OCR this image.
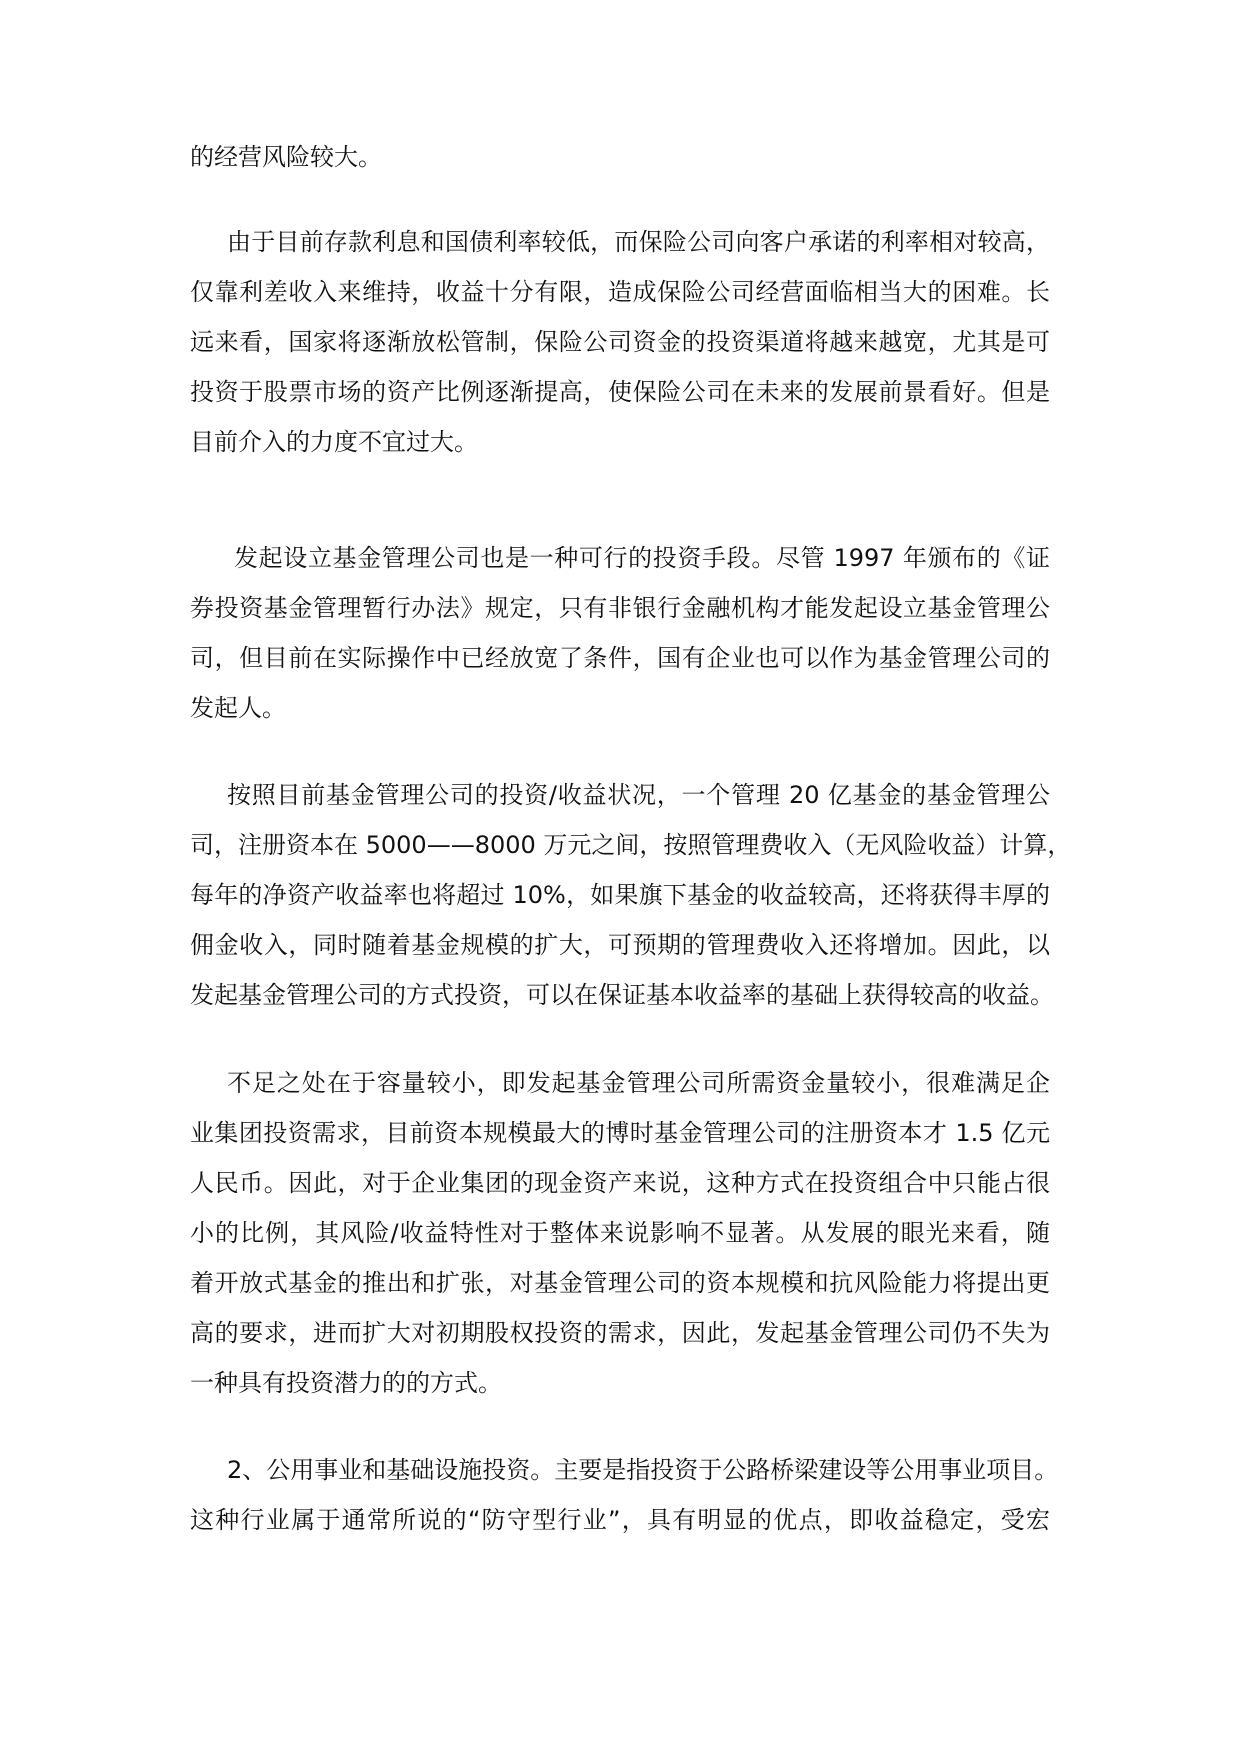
的经营风险较大。

由于目前存款利息和国债利率较低，而保险公司向客户承诺的利率相对较高，

仅靠利差收入来维持，收益十分有限，造成保险公司经营面临相当大的困难。长

远来看，国家将逐渐放松管制，保险公司资金的投资渠道将越来越宽，尤其是可

投资于股票市场的资产比例逐渐提高，使保险公司在未来的发展前景看好。但是

目前介入的力度不宜过大。

发起设立基金管理公司也是一种可行的投资手段。尽管 1997 年颁布的《证

券投资基金管理暂行办法》规定，只有非银行金融机构才能发起设立基金管理公

司，但目前在实际操作中已经放宽了条件，国有企业也可以作为基金管理公司的

发起人。

按照目前基金管理公司的投资/收益状况，一个管理 20 亿基金的基金管理公

司，注册资本在 5000——8000 万元之间，按照管理费收入（无风险收益）计算，

每年的净资产收益率也将超过 10%，如果旗下基金的收益较高，还将获得丰厚的

佣金收入，同时随着基金规模的扩大，可预期的管理费收入还将增加。因此，以

发起基金管理公司的方式投资，可以在保证基本收益率的基础上获得较高的收益。

不足之处在于容量较小，即发起基金管理公司所需资金量较小，很难满足企

业集团投资需求，目前资本规模最大的博时基金管理公司的注册资本才 1.5 亿元

人民币。因此，对于企业集团的现金资产来说，这种方式在投资组合中只能占很

小的比例，其风险/收益特性对于整体来说影响不显著。从发展的眼光来看，随

着开放式基金的推出和扩张，对基金管理公司的资本规模和抗风险能力将提出更

高的要求，进而扩大对初期股权投资的需求，因此，发起基金管理公司仍不失为

一种具有投资潜力的的方式。

2、公用事业和基础设施投资。主要是指投资于公路桥梁建设等公用事业项目。

这种行业属于通常所说的“防守型行业”，具有明显的优点，即收益稳定，受宏
